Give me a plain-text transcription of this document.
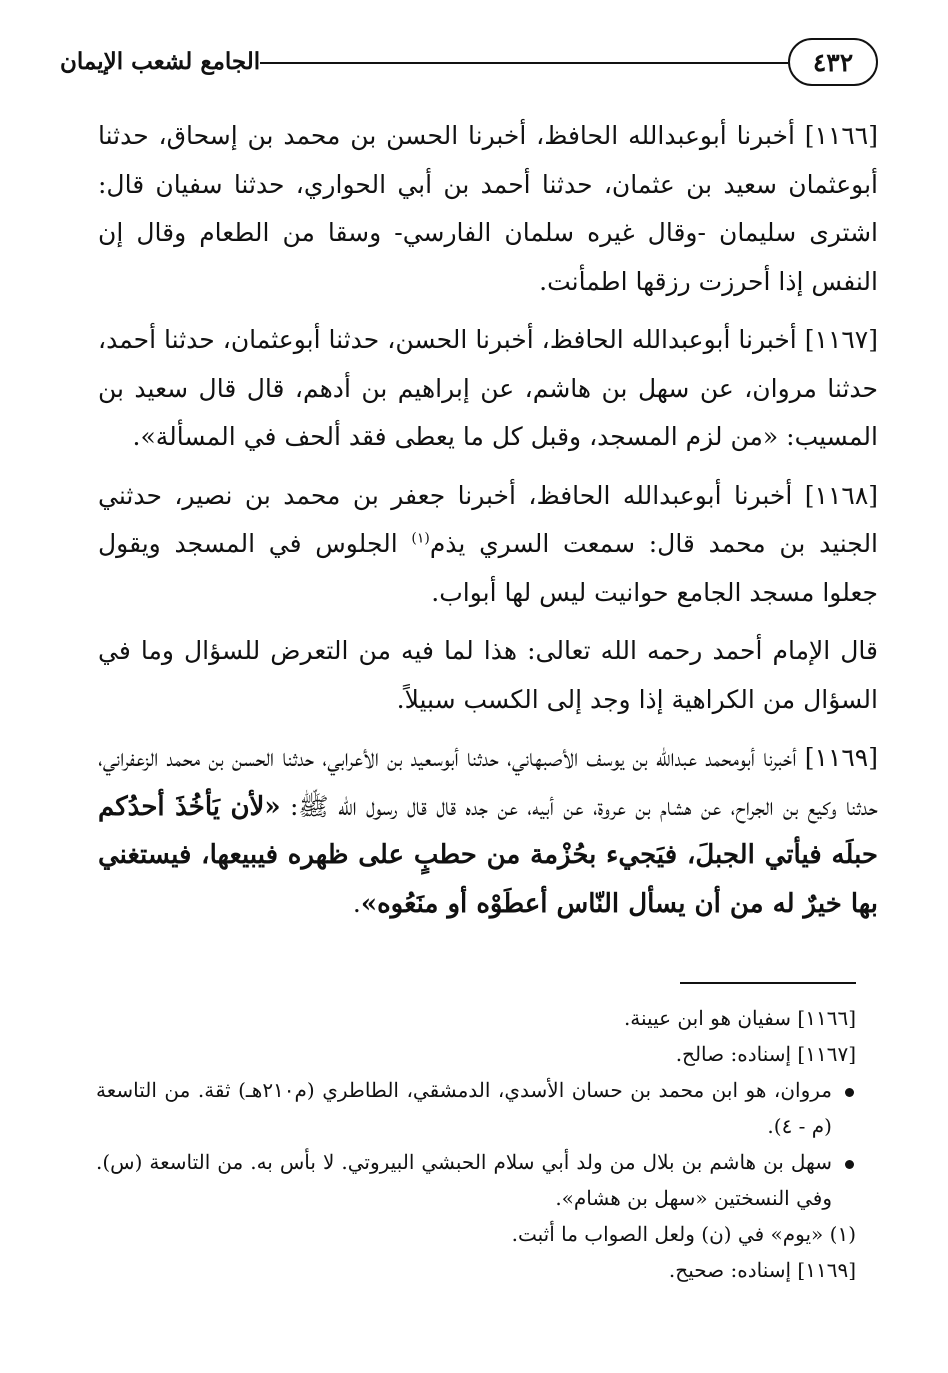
٤٣٢
الجامع لشعب الإيمان

[١١٦٦] أخبرنا أبوعبدالله الحافظ، أخبرنا الحسن بن محمد بن إسحاق، حدثنا أبوعثمان سعيد بن عثمان، حدثنا أحمد بن أبي الحواري، حدثنا سفيان قال: اشترى سليمان -وقال غيره سلمان الفارسي- وسقا من الطعام وقال إن النفس إذا أحرزت رزقها اطمأنت.

[١١٦٧] أخبرنا أبوعبدالله الحافظ، أخبرنا الحسن، حدثنا أبوعثمان، حدثنا أحمد، حدثنا مروان، عن سهل بن هاشم، عن إبراهيم بن أدهم، قال قال سعيد بن المسيب: «من لزم المسجد، وقبل كل ما يعطى فقد ألحف في المسألة».

[١١٦٨] أخبرنا أبوعبدالله الحافظ، أخبرنا جعفر بن محمد بن نصير، حدثني الجنيد بن محمد قال: سمعت السري يذم$^{(١)}$ الجلوس في المسجد ويقول جعلوا مسجد الجامع حوانيت ليس لها أبواب.

قال الإمام أحمد رحمه الله تعالى: هذا لما فيه من التعرض للسؤال وما في السؤال من الكراهية إذا وجد إلى الكسب سبيلاً.

[١١٦٩] أخبرنا أبومحمد عبدالله بن يوسف الأصبهاني، حدثنا أبوسعيد بن الأعرابي، حدثنا الحسن بن محمد الزعفراني، حدثنا وكيع بن الجراح، عن هشام بن عروة، عن أبيه، عن جده قال قال رسول الله ﷺ: «لأن يَأخُذَ أحدُكم حبلَه فيأتي الجبلَ، فيَجيء بحُزْمة من حطبٍ على ظهره فيبيعها، فيستغني بها خيرٌ له من أن يسأل النّاس أعطَوْه أو منَعُوه».

[١١٦٦] سفيان هو ابن عيينة.

[١١٦٧] إسناده: صالح.

مروان، هو ابن محمد بن حسان الأسدي، الدمشقي، الطاطري (م٢١٠هـ) ثقة. من التاسعة (م - ٤).

سهل بن هاشم بن بلال من ولد أبي سلام الحبشي البيروتي. لا بأس به. من التاسعة (س). وفي النسختين «سهل بن هشام».

(١) «يوم» في (ن) ولعل الصواب ما أثبت.

[١١٦٩] إسناده: صحيح.
